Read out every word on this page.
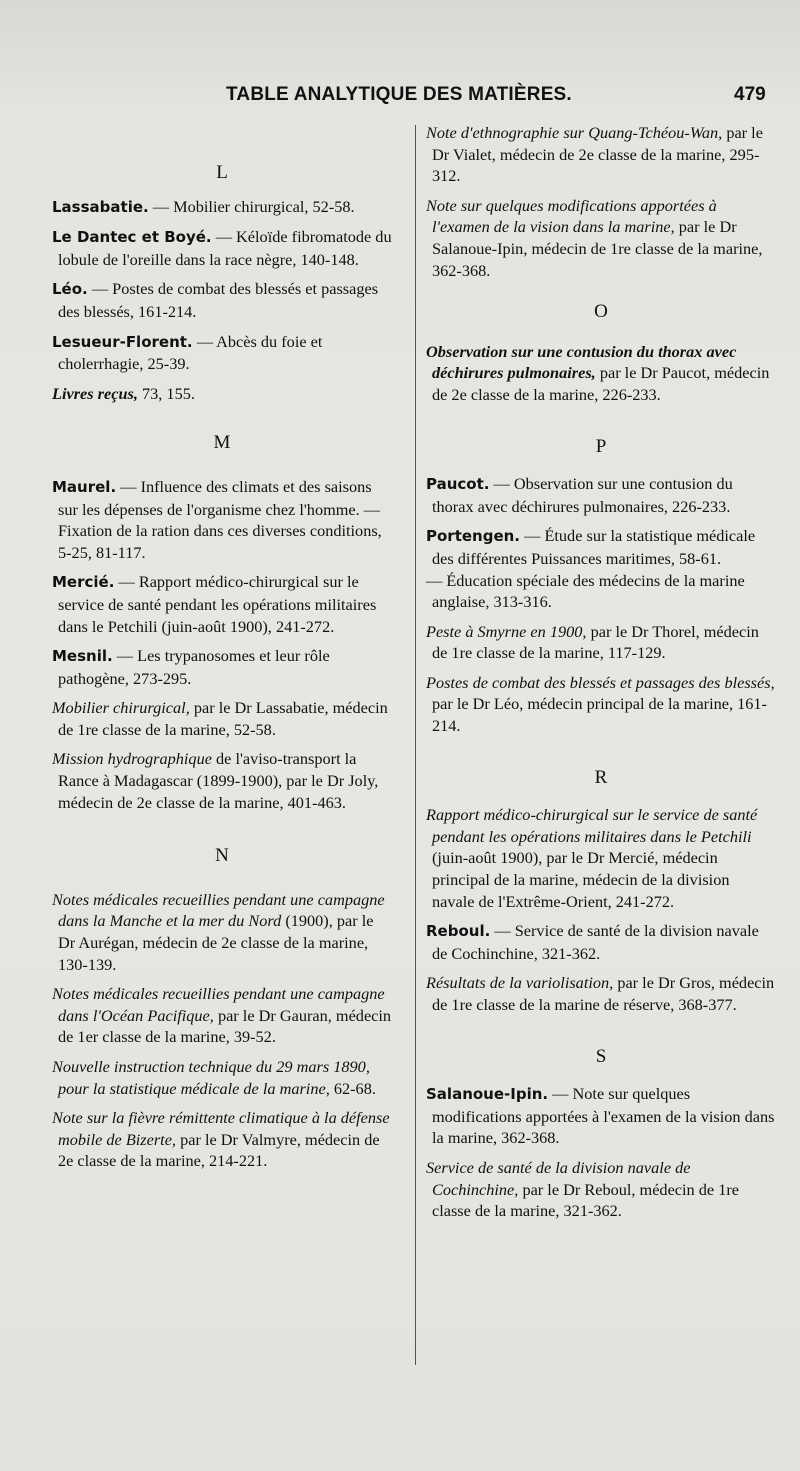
TABLE ANALYTIQUE DES MATIÈRES.	479

L

Lassabatie. — Mobilier chirurgical, 52-58.

Le Dantec et Boyé. — Kéloïde fibromatode du lobule de l'oreille dans la race nègre, 140-148.

Léo. — Postes de combat des blessés et passages des blessés, 161-214.

Lesueur-Florent. — Abcès du foie et cholerrhagie, 25-39.

Livres reçus, 73, 155.

M

Maurel. — Influence des climats et des saisons sur les dépenses de l'organisme chez l'homme. — Fixation de la ration dans ces diverses conditions, 5-25, 81-117.

Mercié. — Rapport médico-chirurgical sur le service de santé pendant les opérations militaires dans le Petchili (juin-août 1900), 241-272.

Mesnil. — Les trypanosomes et leur rôle pathogène, 273-295.

Mobilier chirurgical, par le Dr Lassabatie, médecin de 1re classe de la marine, 52-58.

Mission hydrographique de l'aviso-transport la Rance à Madagascar (1899-1900), par le Dr Joly, médecin de 2e classe de la marine, 401-463.

N

Notes médicales recueillies pendant une campagne dans la Manche et la mer du Nord (1900), par le Dr Aurégan, médecin de 2e classe de la marine, 130-139.

Notes médicales recueillies pendant une campagne dans l'Océan Pacifique, par le Dr Gauran, médecin de 1er classe de la marine, 39-52.

Nouvelle instruction technique du 29 mars 1890, pour la statistique médicale de la marine, 62-68.

Note sur la fièvre rémittente climatique à la défense mobile de Bizerte, par le Dr Valmyre, médecin de 2e classe de la marine, 214-221.

Note d'ethnographie sur Quang-Tchéou-Wan, par le Dr Vialet, médecin de 2e classe de la marine, 295-312.

Note sur quelques modifications apportées à l'examen de la vision dans la marine, par le Dr Salanoue-Ipin, médecin de 1re classe de la marine, 362-368.

O

Observation sur une contusion du thorax avec déchirures pulmonaires, par le Dr Paucot, médecin de 2e classe de la marine, 226-233.

P

Paucot. — Observation sur une contusion du thorax avec déchirures pulmonaires, 226-233.

Portengen. — Étude sur la statistique médicale des différentes Puissances maritimes, 58-61.

— Éducation spéciale des médecins de la marine anglaise, 313-316.

Peste à Smyrne en 1900, par le Dr Thorel, médecin de 1re classe de la marine, 117-129.

Postes de combat des blessés et passages des blessés, par le Dr Léo, médecin principal de la marine, 161-214.

R

Rapport médico-chirurgical sur le service de santé pendant les opérations militaires dans le Petchili (juin-août 1900), par le Dr Mercié, médecin principal de la marine, médecin de la division navale de l'Extrême-Orient, 241-272.

Reboul. — Service de santé de la division navale de Cochinchine, 321-362.

Résultats de la variolisation, par le Dr Gros, médecin de 1re classe de la marine de réserve, 368-377.

S

Salanoue-Ipin. — Note sur quelques modifications apportées à l'examen de la vision dans la marine, 362-368.

Service de santé de la division navale de Cochinchine, par le Dr Reboul, médecin de 1re classe de la marine, 321-362.
